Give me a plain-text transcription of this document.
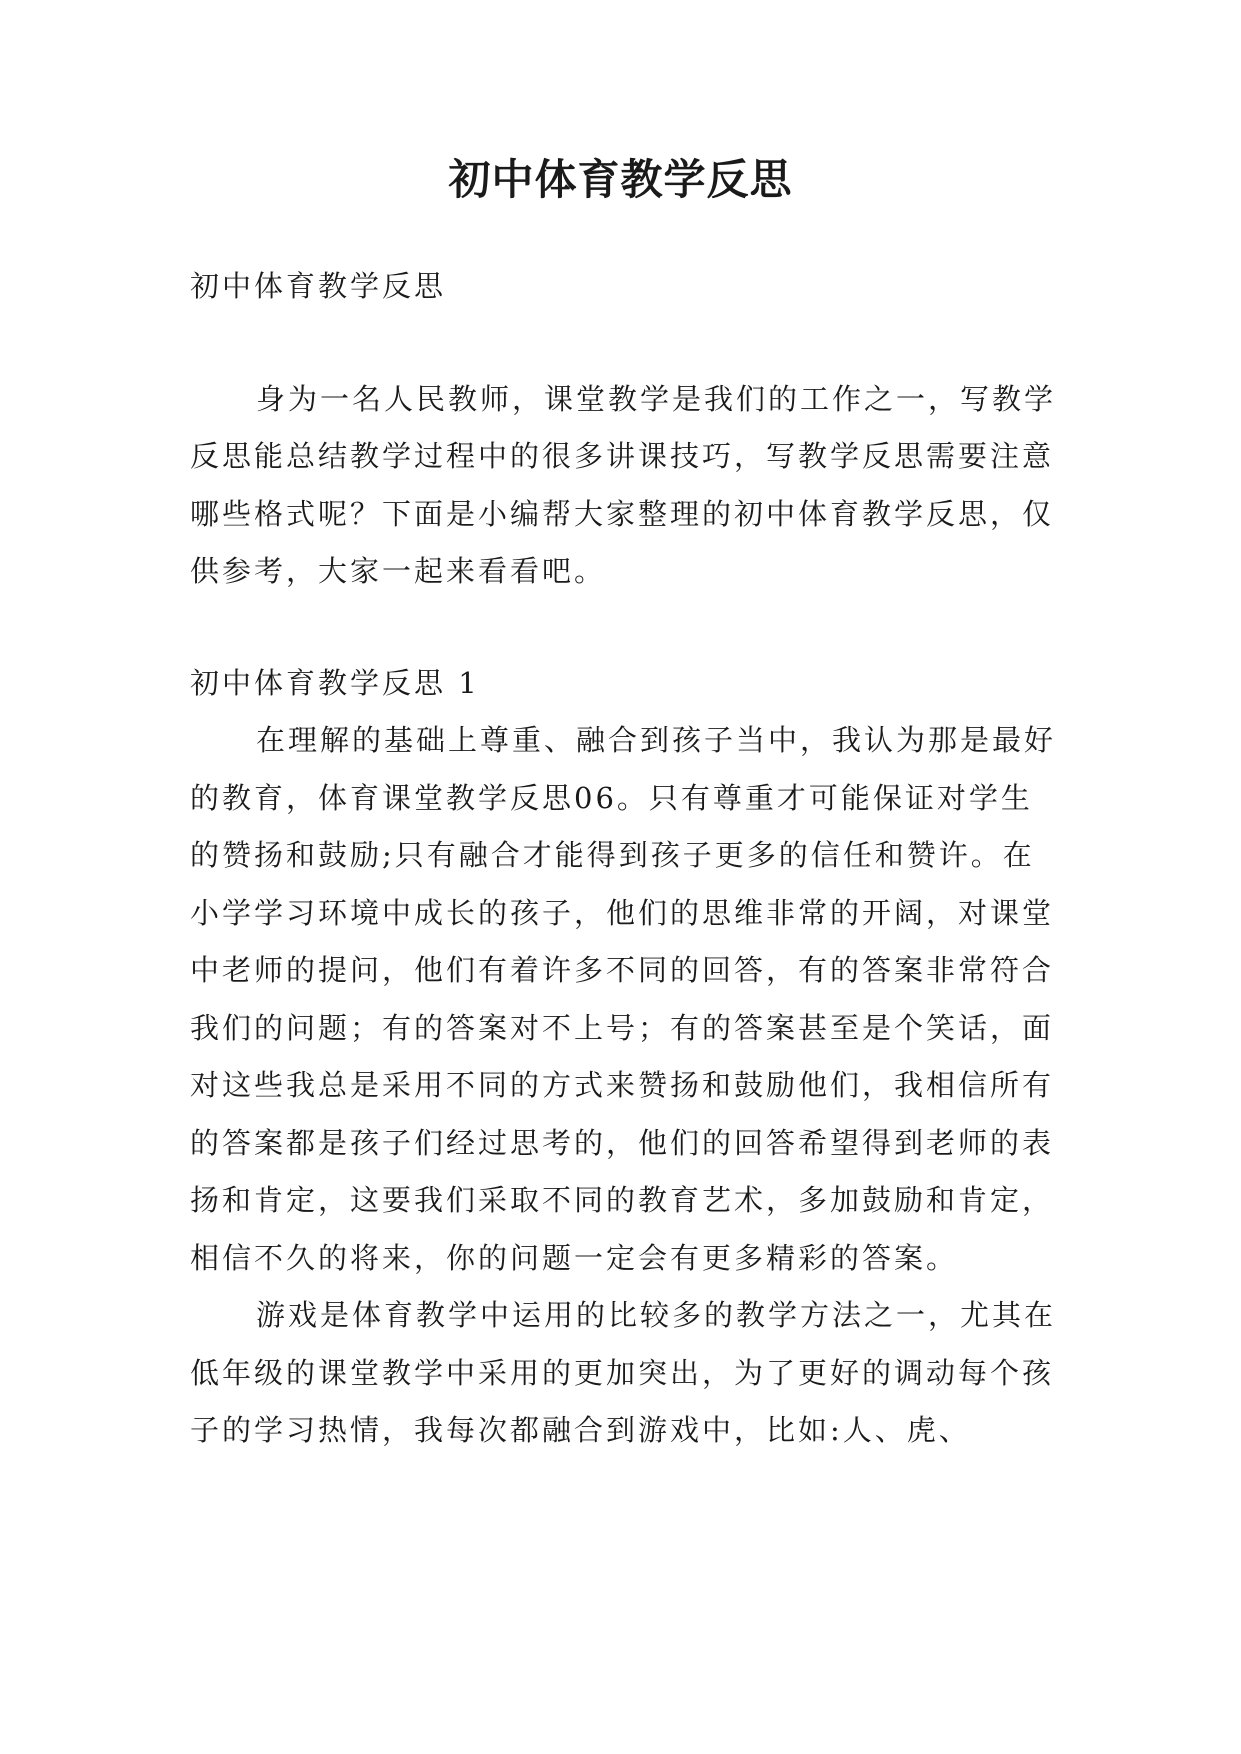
初中体育教学反思

初中体育教学反思

身为一名人民教师，课堂教学是我们的工作之一，写教学反思能总结教学过程中的很多讲课技巧，写教学反思需要注意哪些格式呢？下面是小编帮大家整理的初中体育教学反思，仅供参考，大家一起来看看吧。

初中体育教学反思 1

在理解的基础上尊重、融合到孩子当中，我认为那是最好的教育，体育课堂教学反思06。只有尊重才可能保证对学生的赞扬和鼓励;只有融合才能得到孩子更多的信任和赞许。在小学学习环境中成长的孩子，他们的思维非常的开阔，对课堂中老师的提问，他们有着许多不同的回答，有的答案非常符合我们的问题；有的答案对不上号；有的答案甚至是个笑话，面对这些我总是采用不同的方式来赞扬和鼓励他们，我相信所有的答案都是孩子们经过思考的，他们的回答希望得到老师的表扬和肯定，这要我们采取不同的教育艺术，多加鼓励和肯定，相信不久的将来，你的问题一定会有更多精彩的答案。

游戏是体育教学中运用的比较多的教学方法之一，尤其在低年级的课堂教学中采用的更加突出，为了更好的调动每个孩子的学习热情，我每次都融合到游戏中，比如:人、虎、
